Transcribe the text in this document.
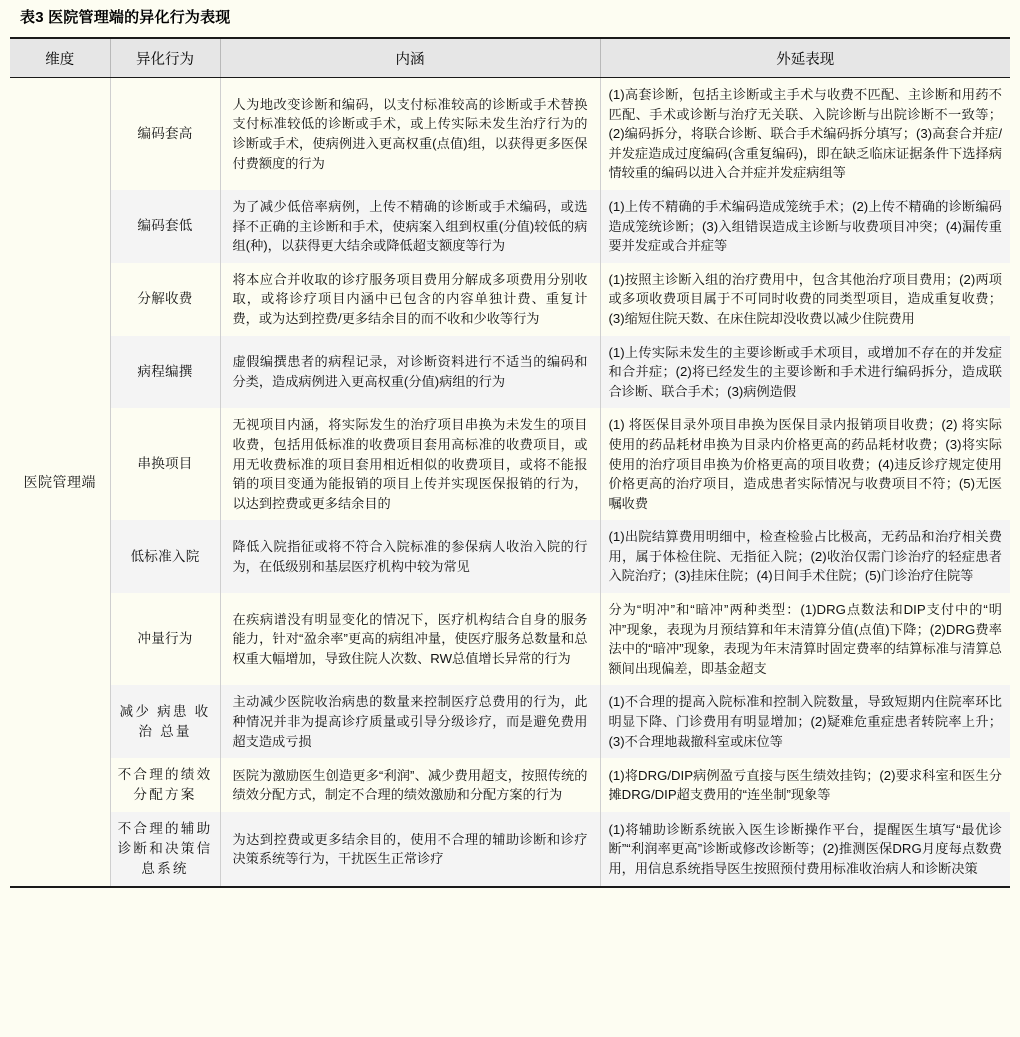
表3 医院管理端的异化行为表现
维度	异化行为	内涵	外延表现

医院管理端	编码套高	人为地改变诊断和编码，以支付标准较高的诊断或手术替换支付标准较低的诊断或手术，或上传实际未发生治疗行为的诊断或手术，使病例进入更高权重(点值)组，以获得更多医保付费额度的行为	(1)高套诊断，包括主诊断或主手术与收费不匹配、主诊断和用药不匹配、手术或诊断与治疗无关联、入院诊断与出院诊断不一致等；(2)编码拆分，将联合诊断、联合手术编码拆分填写；(3)高套合并症/并发症造成过度编码(含重复编码)，即在缺乏临床证据条件下选择病情较重的编码以进入合并症并发症病组等
	编码套低	为了减少低倍率病例，上传不精确的诊断或手术编码，或选择不正确的主诊断和手术，使病案入组到权重(分值)较低的病组(种)，以获得更大结余或降低超支额度等行为	(1)上传不精确的手术编码造成笼统手术；(2)上传不精确的诊断编码造成笼统诊断；(3)入组错误造成主诊断与收费项目冲突；(4)漏传重要并发症或合并症等
	分解收费	将本应合并收取的诊疗服务项目费用分解成多项费用分别收取，或将诊疗项目内涵中已包含的内容单独计费、重复计费，或为达到控费/更多结余目的而不收和少收等行为	(1)按照主诊断入组的治疗费用中，包含其他治疗项目费用；(2)两项或多项收费项目属于不可同时收费的同类型项目，造成重复收费；(3)缩短住院天数、在床住院却没收费以减少住院费用
	病程编撰	虚假编撰患者的病程记录，对诊断资料进行不适当的编码和分类，造成病例进入更高权重(分值)病组的行为	(1)上传实际未发生的主要诊断或手术项目，或增加不存在的并发症和合并症；(2)将已经发生的主要诊断和手术进行编码拆分，造成联合诊断、联合手术；(3)病例造假
	串换项目	无视项目内涵，将实际发生的治疗项目串换为未发生的项目收费，包括用低标准的收费项目套用高标准的收费项目，或用无收费标准的项目套用相近相似的收费项目，或将不能报销的项目变通为能报销的项目上传并实现医保报销的行为，以达到控费或更多结余目的	(1) 将医保目录外项目串换为医保目录内报销项目收费；(2) 将实际使用的药品耗材串换为目录内价格更高的药品耗材收费；(3)将实际使用的治疗项目串换为价格更高的项目收费；(4)违反诊疗规定使用价格更高的治疗项目，造成患者实际情况与收费项目不符；(5)无医嘱收费
	低标准入院	降低入院指征或将不符合入院标准的参保病人收治入院的行为，在低级别和基层医疗机构中较为常见	(1)出院结算费用明细中，检查检验占比极高，无药品和治疗相关费用，属于体检住院、无指征入院；(2)收治仅需门诊治疗的轻症患者入院治疗；(3)挂床住院；(4)日间手术住院；(5)门诊治疗住院等
	冲量行为	在疾病谱没有明显变化的情况下，医疗机构结合自身的服务能力，针对“盈余率”更高的病组冲量，使医疗服务总数量和总权重大幅增加，导致住院人次数、RW总值增长异常的行为	分为“明冲”和“暗冲”两种类型：(1)DRG点数法和DIP支付中的“明冲”现象，表现为月预结算和年末清算分值(点值)下降；(2)DRG费率法中的“暗冲”现象，表现为年末清算时固定费率的结算标准与清算总额间出现偏差，即基金超支
	减少 病患 收治 总量	主动减少医院收治病患的数量来控制医疗总费用的行为，此种情况并非为提高诊疗质量或引导分级诊疗，而是避免费用超支造成亏损	(1)不合理的提高入院标准和控制入院数量，导致短期内住院率环比明显下降、门诊费用有明显增加；(2)疑难危重症患者转院率上升；(3)不合理地裁撤科室或床位等
	不合理的绩效 分配方案	医院为激励医生创造更多“利润”、减少费用超支，按照传统的绩效分配方式，制定不合理的绩效激励和分配方案的行为	(1)将DRG/DIP病例盈亏直接与医生绩效挂钩；(2)要求科室和医生分摊DRG/DIP超支费用的“连坐制”现象等
	不合理的辅助 诊断和决策信 息系统	为达到控费或更多结余目的，使用不合理的辅助诊断和诊疗决策系统等行为，干扰医生正常诊疗	(1)将辅助诊断系统嵌入医生诊断操作平台，提醒医生填写“最优诊断”“利润率更高”诊断或修改诊断等；(2)推测医保DRG月度每点数费用，用信息系统指导医生按照预付费用标准收治病人和诊断决策
